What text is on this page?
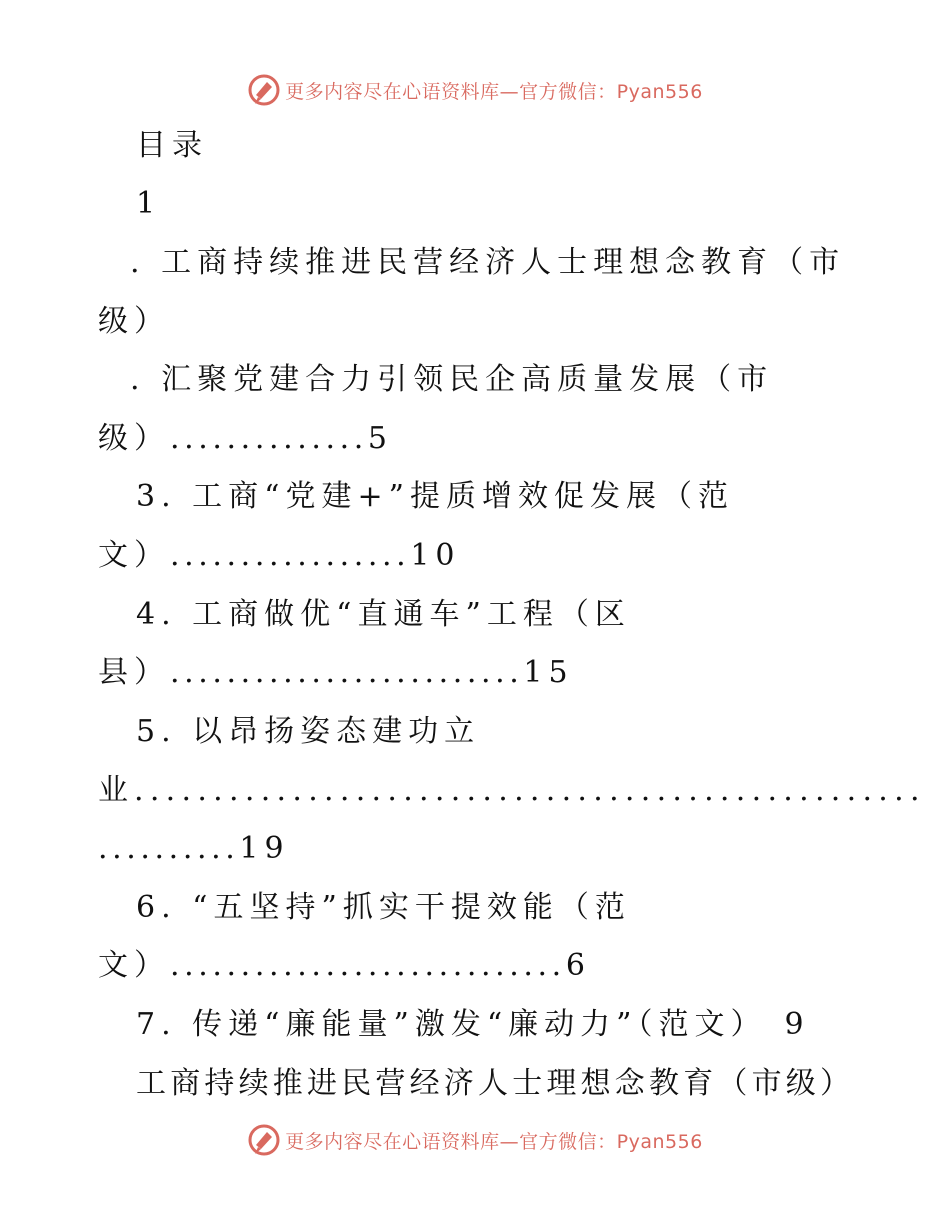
更多内容尽在心语资料库—官方微信：Pyan556
目录
1
. 工商持续推进民营经济人士理想念教育（市
级）
. 汇聚党建合力引领民企高质量发展（市
级）..............5
3. 工商“党建+”提质增效促发展（范
文）.................10
4. 工商做优“直通车”工程（区
县）.........................15
5. 以昂扬姿态建功立
业..................................................
..........19
6. “五坚持”抓实干提效能（范
文）............................6
7. 传递“廉能量”激发“廉动力”（范文） 9
工商持续推进民营经济人士理想念教育（市级）
更多内容尽在心语资料库—官方微信：Pyan556
